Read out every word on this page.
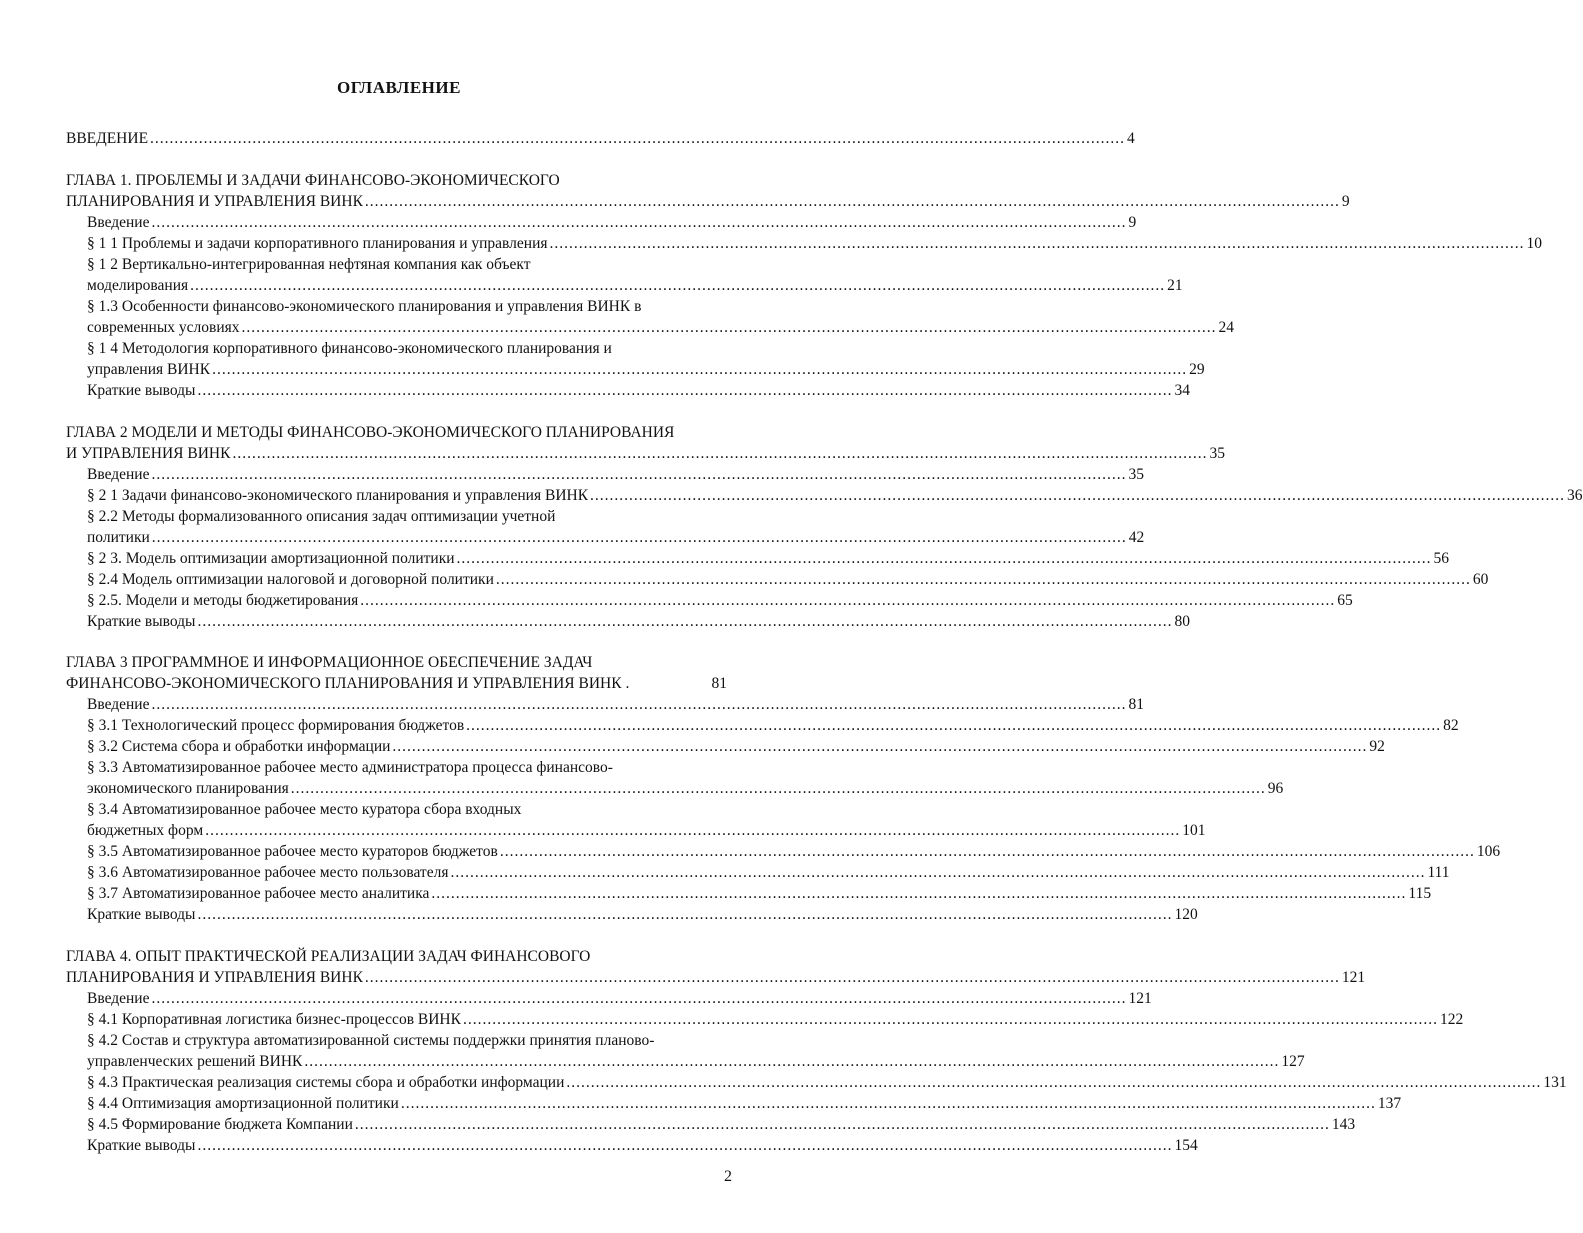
ОГЛАВЛЕНИЕ
ВВЕДЕНИЕ ........................................................................................................................................................................................................ 4
ГЛАВА 1. ПРОБЛЕМЫ И ЗАДАЧИ ФИНАНСОВО-ЭКОНОМИЧЕСКОГО
ПЛАНИРОВАНИЯ И УПРАВЛЕНИЯ ВИНК ........................................................................................................................................................................................................ 9
Введение ........................................................................................................................................................................................................ 9
§ 1 1 Проблемы и задачи корпоративного планирования и управления ........................................................................................................................................................................................................ 10
§ 1 2 Вертикально-интегрированная нефтяная компания как объект
моделирования ........................................................................................................................................................................................................ 21
§ 1.3 Особенности финансово-экономического планирования и управления ВИНК в
современных условиях ........................................................................................................................................................................................................ 24
§ 1 4 Методология корпоративного финансово-экономического планирования и
управления ВИНК ........................................................................................................................................................................................................ 29
Краткие выводы ........................................................................................................................................................................................................ 34
ГЛАВА 2 МОДЕЛИ И МЕТОДЫ ФИНАНСОВО-ЭКОНОМИЧЕСКОГО ПЛАНИРОВАНИЯ
И УПРАВЛЕНИЯ ВИНК ........................................................................................................................................................................................................ 35
Введение ........................................................................................................................................................................................................ 35
§ 2 1 Задачи финансово-экономического планирования и управления ВИНК ........................................................................................................................................................................................................ 36
§ 2.2 Методы формализованного описания задач оптимизации учетной
политики ........................................................................................................................................................................................................ 42
§ 2 3. Модель оптимизации амортизационной политики ........................................................................................................................................................................................................ 56
§ 2.4 Модель оптимизации налоговой и договорной политики ........................................................................................................................................................................................................ 60
§ 2.5. Модели и методы бюджетирования ........................................................................................................................................................................................................ 65
Краткие выводы ........................................................................................................................................................................................................ 80
ГЛАВА 3 ПРОГРАММНОЕ И ИНФОРМАЦИОННОЕ ОБЕСПЕЧЕНИЕ ЗАДАЧ
ФИНАНСОВО-ЭКОНОМИЧЕСКОГО ПЛАНИРОВАНИЯ И УПРАВЛЕНИЯ ВИНК .	81
Введение ........................................................................................................................................................................................................ 81
§ 3.1 Технологический процесс формирования бюджетов ........................................................................................................................................................................................................ 82
§ 3.2 Система сбора и обработки информации ........................................................................................................................................................................................................ 92
§ 3.3 Автоматизированное рабочее место администратора процесса финансово-
экономического планирования ........................................................................................................................................................................................................ 96
§ 3.4 Автоматизированное рабочее место куратора сбора входных
бюджетных форм ........................................................................................................................................................................................................ 101
§ 3.5 Автоматизированное рабочее место кураторов бюджетов ........................................................................................................................................................................................................ 106
§ 3.6 Автоматизированное рабочее место пользователя ........................................................................................................................................................................................................ 111
§ 3.7 Автоматизированное рабочее место аналитика ........................................................................................................................................................................................................ 115
Краткие выводы ........................................................................................................................................................................................................ 120
ГЛАВА 4. ОПЫТ ПРАКТИЧЕСКОЙ РЕАЛИЗАЦИИ ЗАДАЧ ФИНАНСОВОГО
ПЛАНИРОВАНИЯ И УПРАВЛЕНИЯ ВИНК ........................................................................................................................................................................................................ 121
Введение ........................................................................................................................................................................................................ 121
§ 4.1 Корпоративная логистика бизнес-процессов ВИНК ........................................................................................................................................................................................................ 122
§ 4.2 Состав и структура автоматизированной системы поддержки принятия планово-
управленческих решений ВИНК ........................................................................................................................................................................................................ 127
§ 4.3 Практическая реализация системы сбора и обработки информации ........................................................................................................................................................................................................ 131
§ 4.4 Оптимизация амортизационной политики ........................................................................................................................................................................................................ 137
§ 4.5 Формирование бюджета Компании ........................................................................................................................................................................................................ 143
Краткие выводы ........................................................................................................................................................................................................ 154
2
